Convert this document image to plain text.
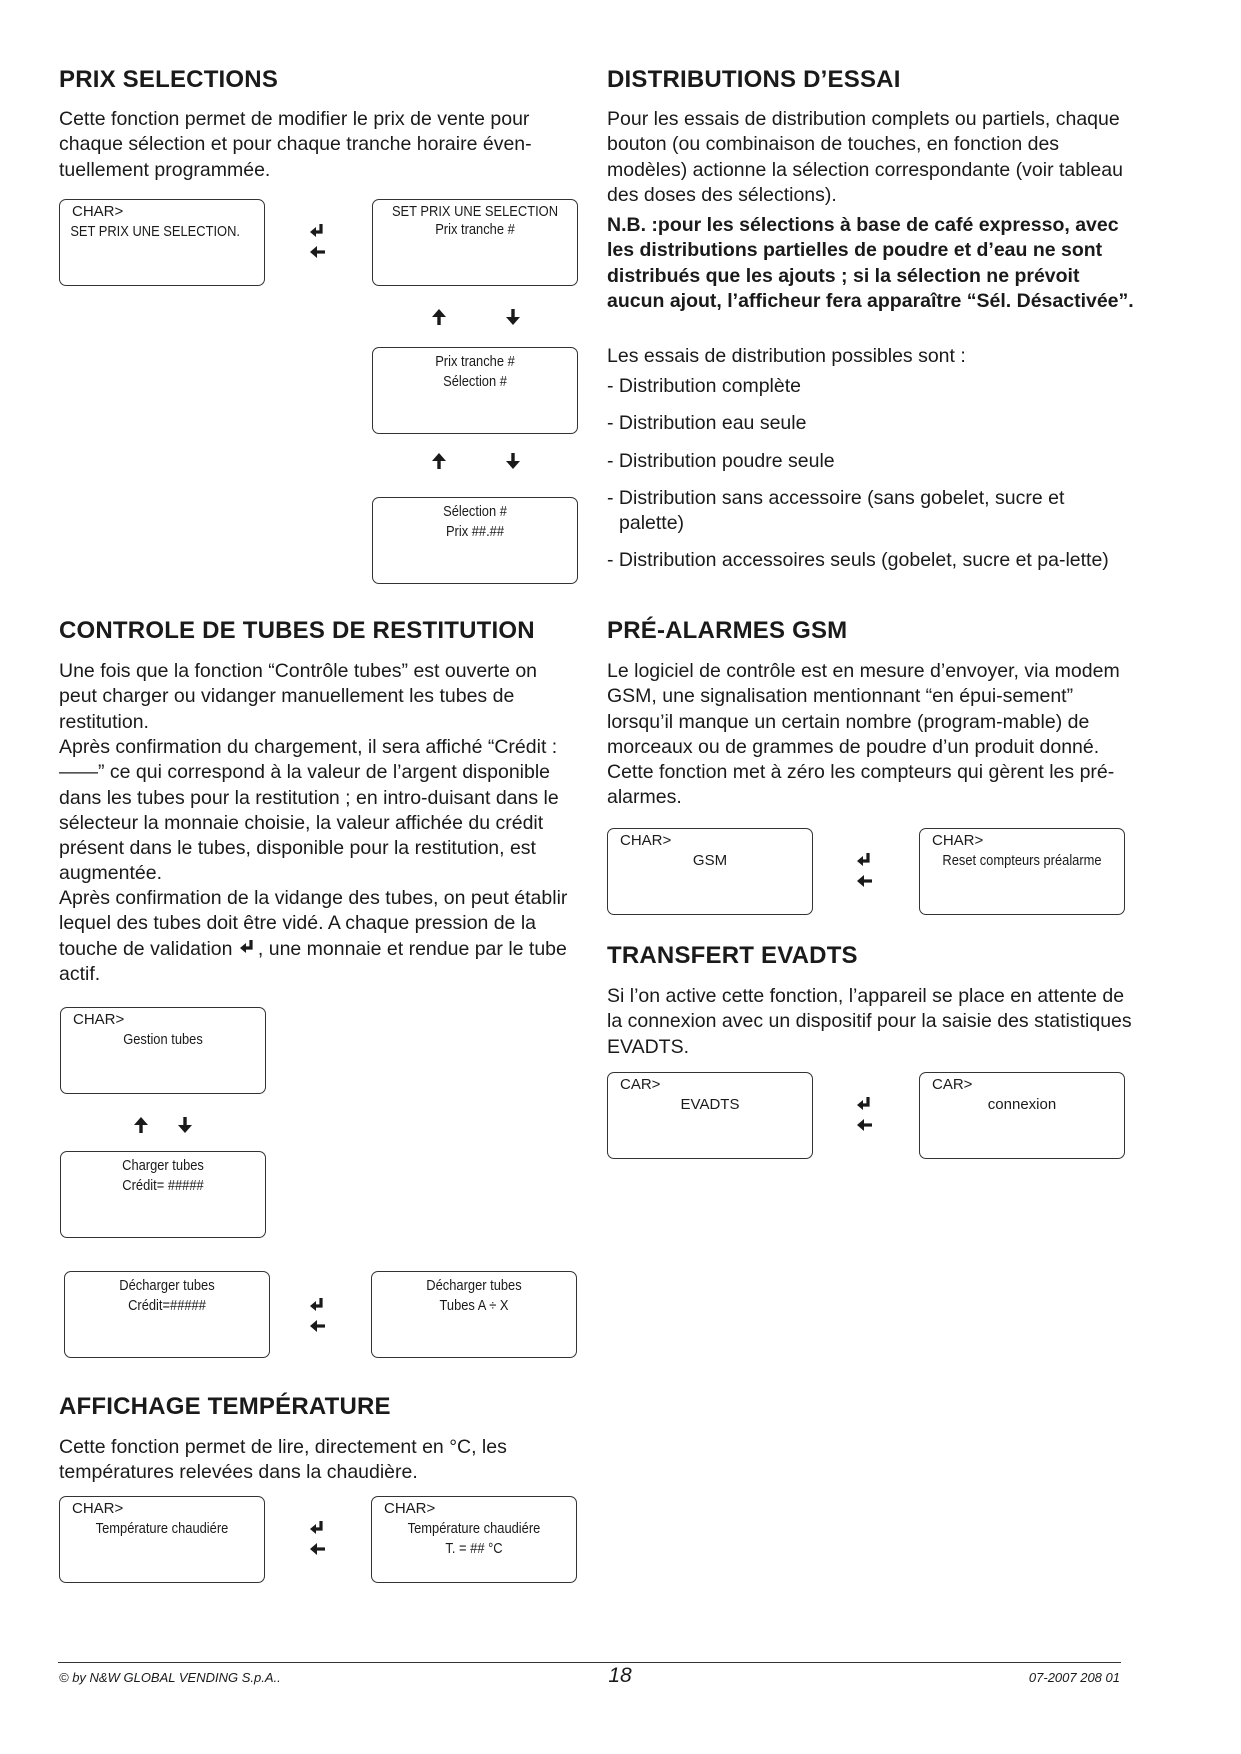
PRIX SELECTIONS

Cette fonction permet de modifier le prix de vente pour chaque sélection et pour chaque tranche horaire éven-tuellement programmée.

CHAR>
SET PRIX UNE SELECTION.
SET PRIX UNE SELECTION
Prix tranche #
Prix tranche #
Sélection #
Sélection #
Prix ##.##
CONTROLE DE TUBES DE RESTITUTION

Une fois que la fonction “Contrôle tubes” est ouverte on peut charger ou vidanger manuellement les tubes de restitution.

Après confirmation du chargement, il sera affiché “Crédit : ——” ce qui correspond à la valeur de l’argent disponible dans les tubes pour la restitution ; en intro-duisant dans le sélecteur la monnaie choisie, la valeur affichée du crédit présent dans le tubes, disponible pour la restitution, est augmentée.

Après confirmation de la vidange des tubes, on peut établir lequel des tubes doit être vidé. A chaque pression de la touche de validation , une monnaie et rendue par le tube actif.

CHAR>
Gestion tubes
Charger tubes
Crédit= #####
Décharger tubes
Crédit=#####
Décharger tubes
Tubes A ÷ X
AFFICHAGE TEMPÉRATURE

Cette fonction permet de lire, directement en °C, les températures relevées dans la chaudière.

CHAR>
Température chaudiére
CHAR>
Température chaudiére
T. = ## °C
DISTRIBUTIONS D’ESSAI

Pour les essais de distribution complets ou partiels, chaque bouton (ou combinaison de touches, en fonction des modèles) actionne la sélection correspondante (voir tableau des doses des sélections).

N.B. :pour les sélections à base de café expresso, avec les distributions partielles de poudre et d’eau ne sont distribués que les ajouts ; si la sélection ne prévoit aucun ajout, l’afficheur fera apparaître “Sél. Désactivée”.

Les essais de distribution possibles sont :

- Distribution complète
- Distribution eau seule
- Distribution poudre seule
- Distribution sans accessoire (sans gobelet, sucre et palette)
- Distribution accessoires seuls (gobelet, sucre et pa-lette)
PRÉ-ALARMES GSM

Le logiciel de contrôle est en mesure d’envoyer, via modem GSM, une signalisation mentionnant “en épui-sement” lorsqu’il manque un certain nombre (program-mable) de morceaux ou de grammes de poudre d’un produit donné. Cette fonction met à zéro les compteurs qui gèrent les pré-alarmes.

CHAR>
GSM
CHAR>
Reset compteurs préalarme
TRANSFERT EVADTS

Si l’on active cette fonction, l’appareil se place en attente de la connexion avec un dispositif pour la saisie des statistiques EVADTS.

CAR>
EVADTS
CAR>
connexion
© by N&W GLOBAL VENDING S.p.A..	18	07-2007 208 01
